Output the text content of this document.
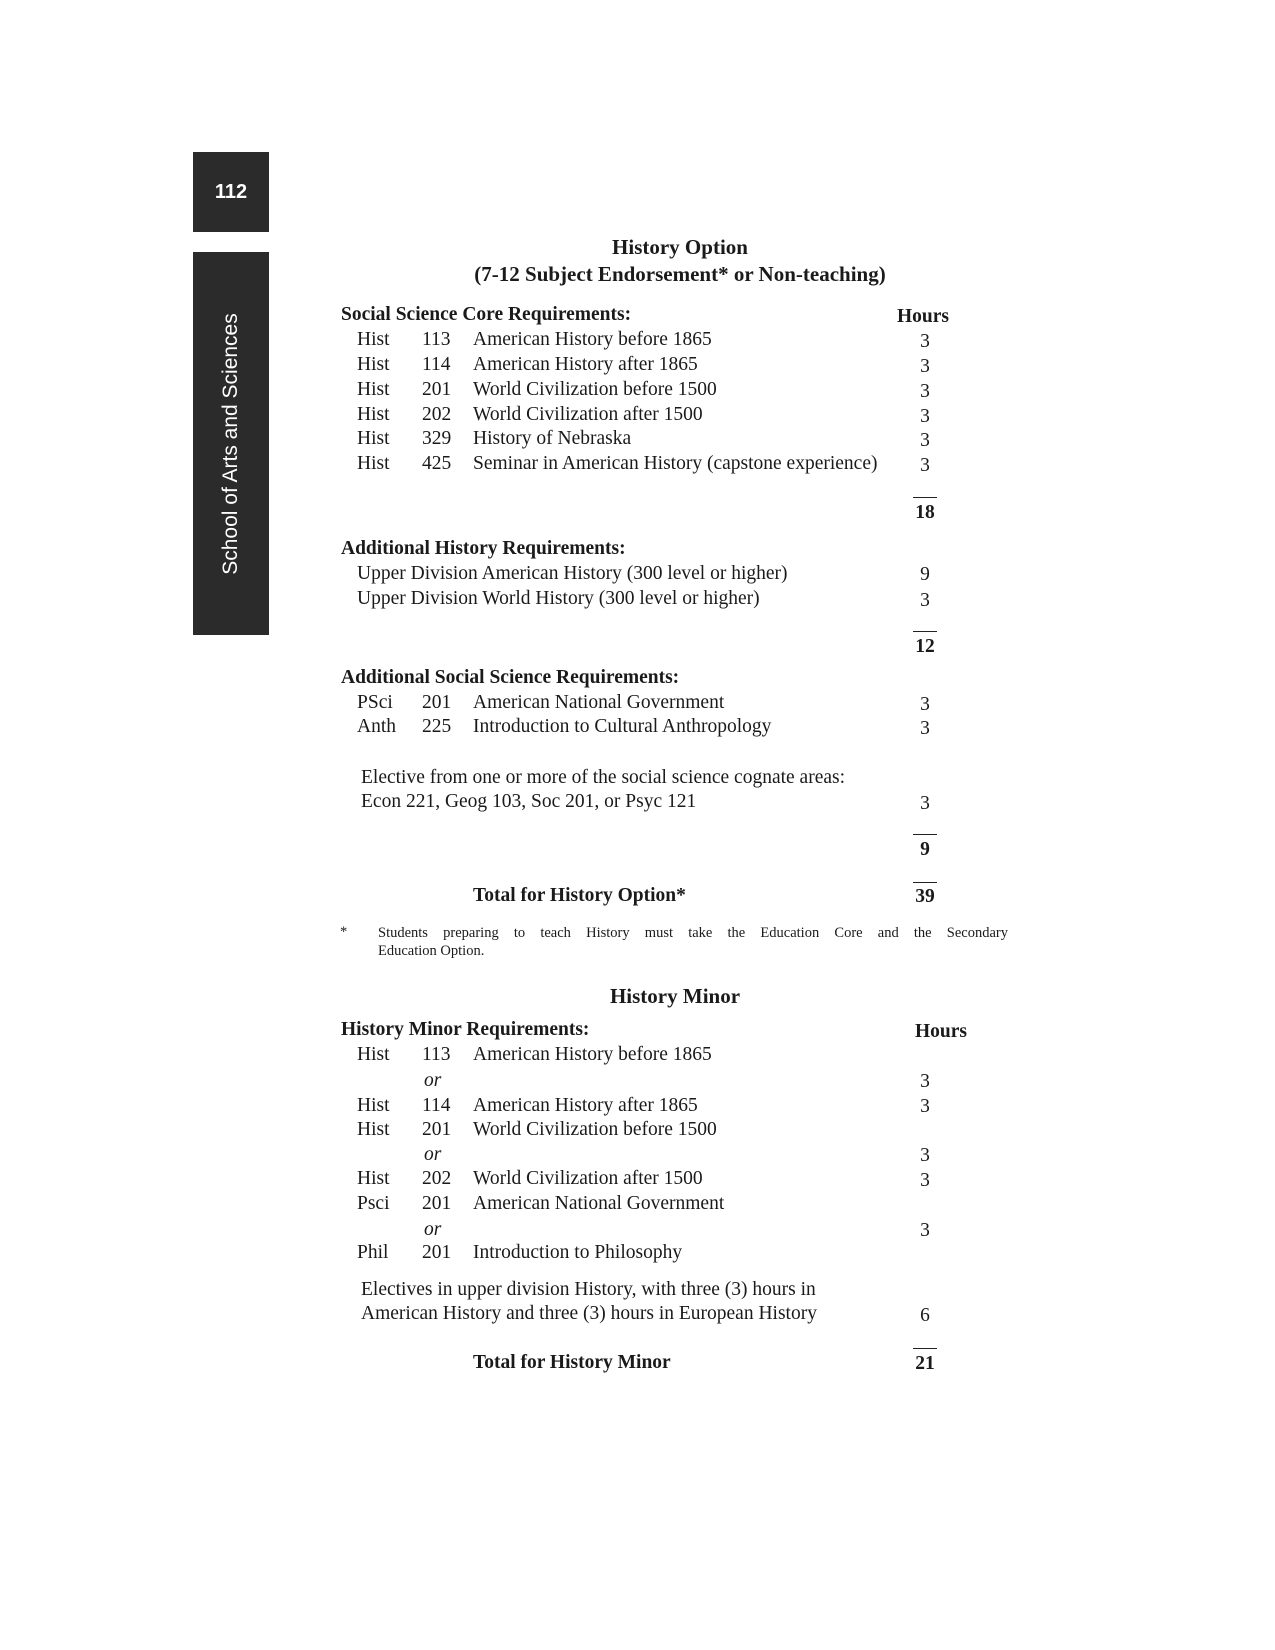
112
School of Arts and Sciences
History Option
(7-12 Subject Endorsement* or Non-teaching)
Social Science Core Requirements:	Hours
Hist 113 American History before 1865	3
Hist 114 American History after 1865	3
Hist 201 World Civilization before 1500	3
Hist 202 World Civilization after 1500	3
Hist 329 History of Nebraska	3
Hist 425 Seminar in American History (capstone experience)	3
18
Additional History Requirements:
Upper Division American History (300 level or higher)	9
Upper Division World History (300 level or higher)	3
12
Additional Social Science Requirements:
PSci 201 American National Government	3
Anth 225 Introduction to Cultural Anthropology	3
Elective from one or more of the social science cognate areas:
Econ 221, Geog 103, Soc 201, or Psyc 121	3
9
Total for History Option*	39
* Students preparing to teach History must take the Education Core and the Secondary
Education Option.
History Minor
History Minor Requirements:	Hours
Hist 113 American History before 1865
or	3
Hist 114 American History after 1865	3
Hist 201 World Civilization before 1500
or	3
Hist 202 World Civilization after 1500	3
Psci 201 American National Government
or	3
Phil 201 Introduction to Philosophy
Electives in upper division History, with three (3) hours in
American History and three (3) hours in European History	6
Total for History Minor	21
